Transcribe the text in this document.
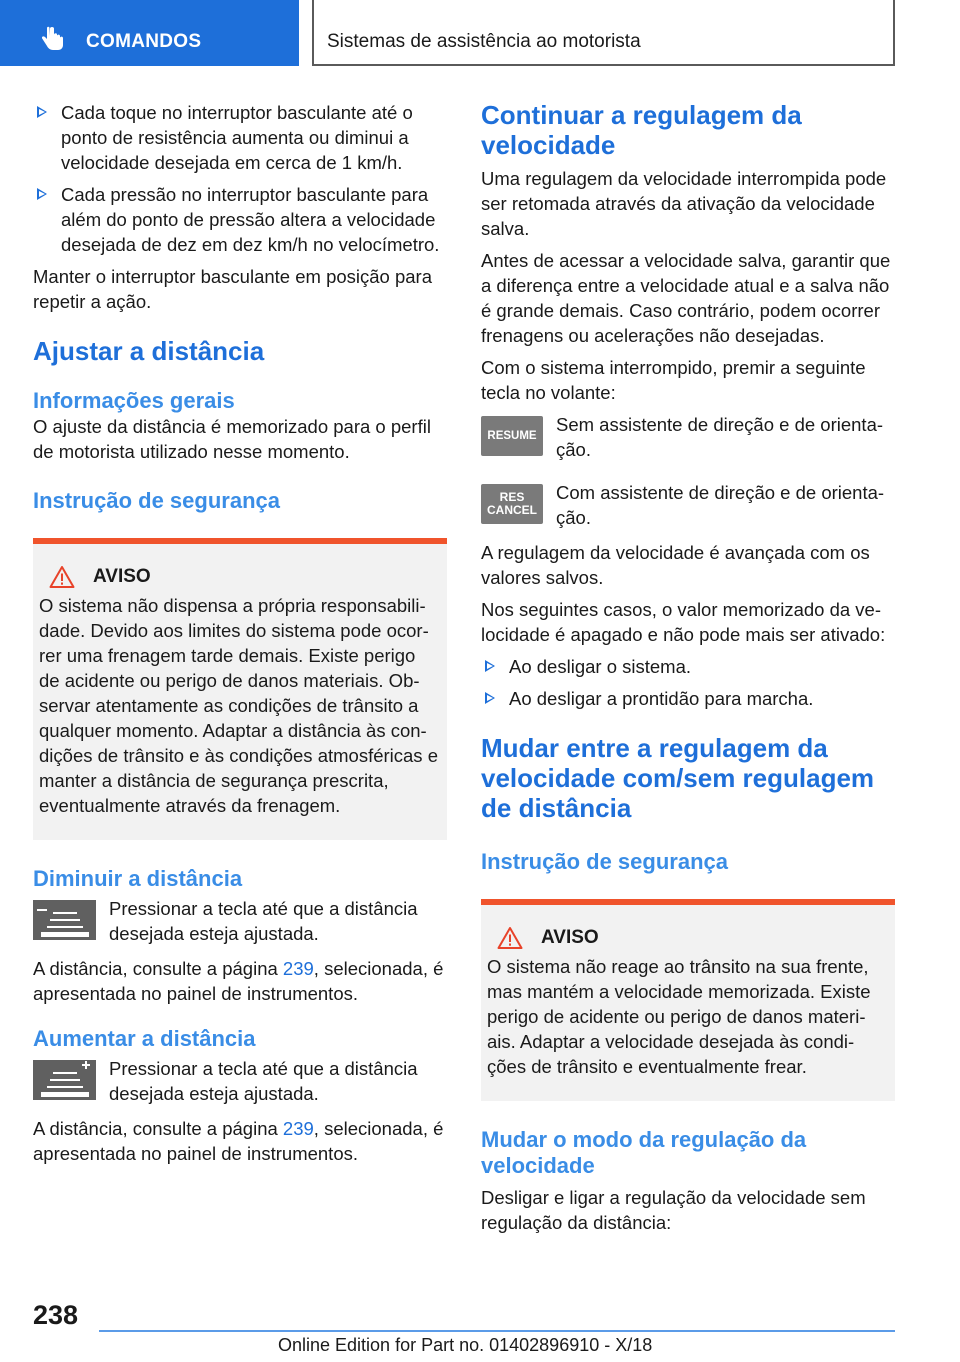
COMANDOS	Sistemas de assistência ao motorista
Cada toque no interruptor basculante até o ponto de resistência aumenta ou diminui a velocidade desejada em cerca de 1 km/h.
Cada pressão no interruptor basculante para além do ponto de pressão altera a velocidade desejada de dez em dez km/h no velocímetro.

Manter o interruptor basculante em posição para repetir a ação.

Ajustar a distância
Informações gerais

O ajuste da distância é memorizado para o perfil de motorista utilizado nesse momento.

Instrução de segurança
AVISO

O sistema não dispensa a própria responsabilidade. Devido aos limites do sistema pode ocorrer uma frenagem tarde demais. Existe perigo de acidente ou perigo de danos materiais. Observar atentamente as condições de trânsito a qualquer momento. Adaptar a distância às condições de trânsito e às condições atmosféricas e manter a distância de segurança prescrita, eventualmente através da frenagem.

Diminuir a distância
Pressionar a tecla até que a distância desejada esteja ajustada.

A distância, consulte a página 239, selecionada, é apresentada no painel de instrumentos.

Aumentar a distância
Pressionar a tecla até que a distância desejada esteja ajustada.

A distância, consulte a página 239, selecionada, é apresentada no painel de instrumentos.

Continuar a regulagem da velocidade

Uma regulagem da velocidade interrompida pode ser retomada através da ativação da velocidade salva.

Antes de acessar a velocidade salva, garantir que a diferença entre a velocidade atual e a salva não é grande demais. Caso contrário, podem ocorrer frenagens ou acelerações não desejadas.

Com o sistema interrompido, premir a seguinte tecla no volante:

RESUME
Sem assistente de direção e de orientação.
RES
CANCEL
Com assistente de direção e de orientação.

A regulagem da velocidade é avançada com os valores salvos.

Nos seguintes casos, o valor memorizado da velocidade é apagado e não pode mais ser ativado:

Ao desligar o sistema.
Ao desligar a prontidão para marcha.
Mudar entre a regulagem da velocidade com/sem regulagem de distância
Instrução de segurança
AVISO

O sistema não reage ao trânsito na sua frente, mas mantém a velocidade memorizada. Existe perigo de acidente ou perigo de danos materiais. Adaptar a velocidade desejada às condições de trânsito e eventualmente frear.

Mudar o modo da regulação da velocidade

Desligar e ligar a regulação da velocidade sem regulação da distância:

238
Online Edition for Part no. 01402896910 - X/18
